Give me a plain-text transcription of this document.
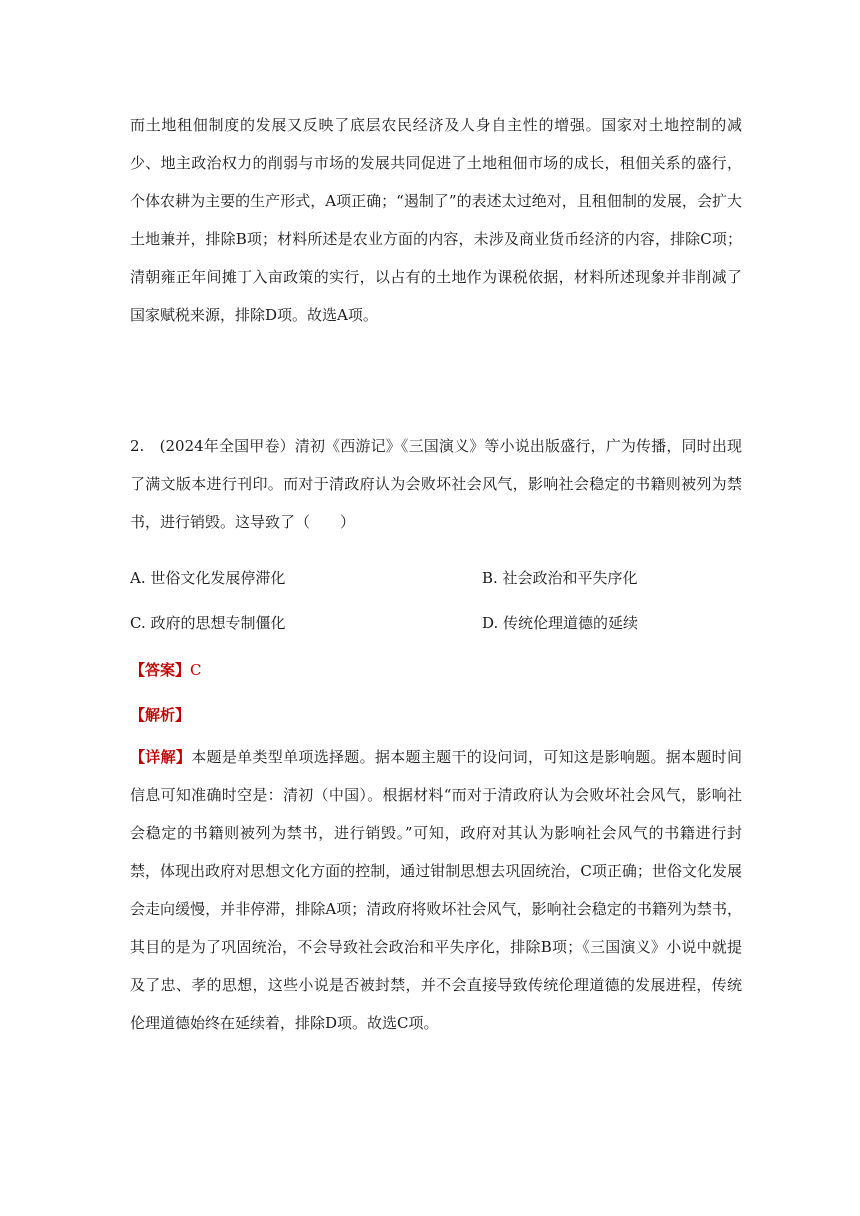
而土地租佃制度的发展又反映了底层农民经济及人身自主性的增强。国家对土地控制的减少、地主政治权力的削弱与市场的发展共同促进了土地租佃市场的成长，租佃关系的盛行，个体农耕为主要的生产形式，A项正确；“遏制了”的表述太过绝对，且租佃制的发展，会扩大土地兼并，排除B项；材料所述是农业方面的内容，未涉及商业货币经济的内容，排除C项；清朝雍正年间摊丁入亩政策的实行，以占有的土地作为课税依据，材料所述现象并非削减了国家赋税来源，排除D项。故选A项。

2.　(2024年全国甲卷）清初《西游记》《三国演义》等小说出版盛行，广为传播，同时出现了满文版本进行刊印。而对于清政府认为会败坏社会风气，影响社会稳定的书籍则被列为禁书，进行销毁。这导致了（　　）

A. 世俗文化发展停滞化	B. 社会政治和平失序化
C. 政府的思想专制僵化	D. 传统伦理道德的延续
【答案】C
【解析】

【详解】本题是单类型单项选择题。据本题主题干的设问词，可知这是影响题。据本题时间信息可知准确时空是：清初（中国）。根据材料“而对于清政府认为会败坏社会风气，影响社会稳定的书籍则被列为禁书，进行销毁。”可知，政府对其认为影响社会风气的书籍进行封禁，体现出政府对思想文化方面的控制，通过钳制思想去巩固统治，C项正确；世俗文化发展会走向缓慢，并非停滞，排除A项；清政府将败坏社会风气，影响社会稳定的书籍列为禁书，其目的是为了巩固统治，不会导致社会政治和平失序化，排除B项；《三国演义》小说中就提及了忠、孝的思想，这些小说是否被封禁，并不会直接导致传统伦理道德的发展进程，传统伦理道德始终在延续着，排除D项。故选C项。
